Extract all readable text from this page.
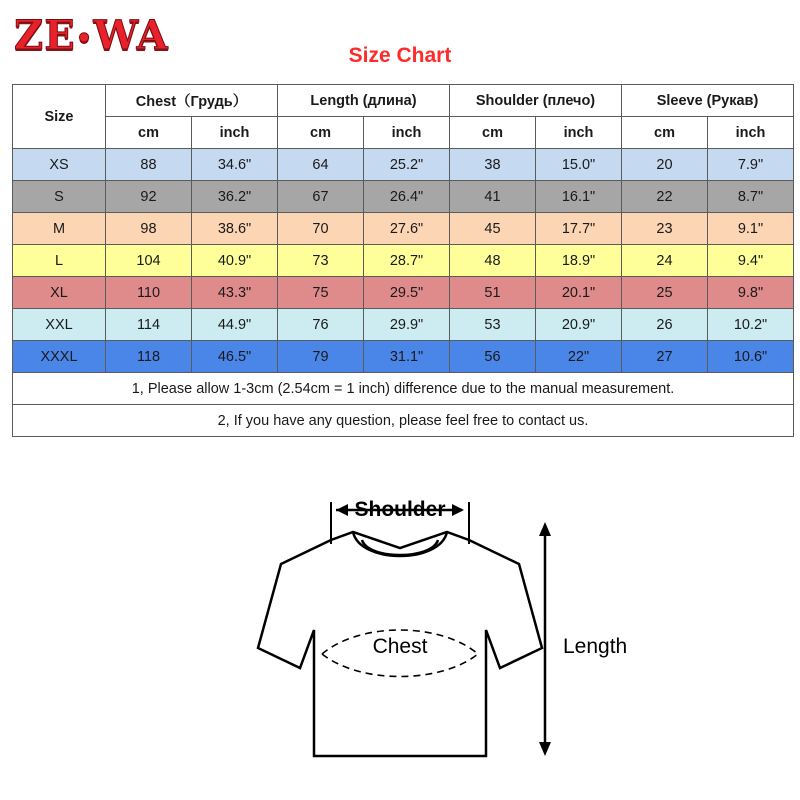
ZE•WA	Size Chart
Size	Chest（Грудь）		Length (длина)		Shoulder (плечо)		Sleeve (Рукав)	
	cm	inch	cm	inch	cm	inch	cm	inch
XS	88	34.6"	64	25.2"	38	15.0"	20	7.9"
S	92	36.2"	67	26.4"	41	16.1"	22	8.7"
M	98	38.6"	70	27.6"	45	17.7"	23	9.1"
L	104	40.9"	73	28.7"	48	18.9"	24	9.4"
XL	110	43.3"	75	29.5"	51	20.1"	25	9.8"
XXL	114	44.9"	76	29.9"	53	20.9"	26	10.2"
XXXL	118	46.5"	79	31.1"	56	22"	27	10.6"
1, Please allow 1-3cm (2.54cm = 1 inch) difference due to the manual measurement.								
2, If you have any question, please feel free to contact us.								
Shoulder
Chest	Length
